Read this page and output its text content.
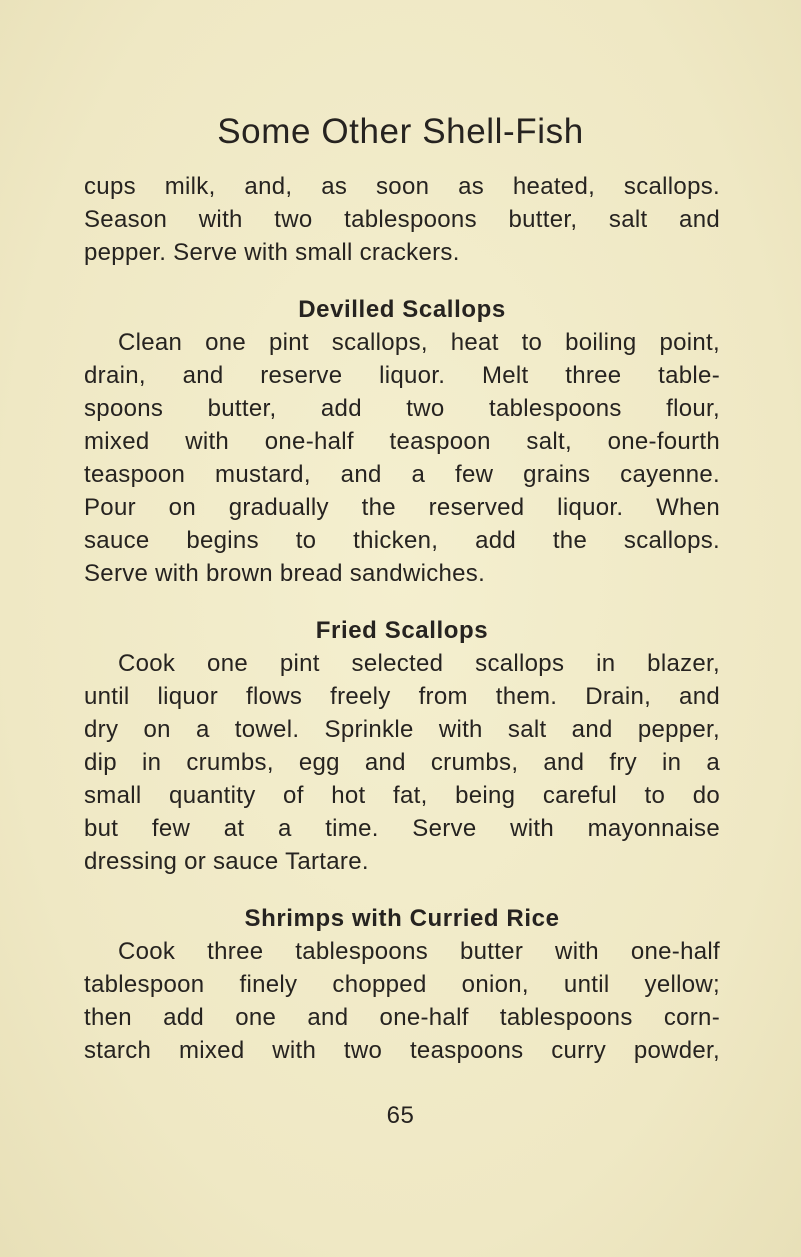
Some Other Shell-Fish
cups milk, and, as soon as heated, scallops.
Season with two tablespoons butter, salt and
pepper. Serve with small crackers.
Devilled Scallops
Clean one pint scallops, heat to boiling point,
drain, and reserve liquor. Melt three table-
spoons butter, add two tablespoons flour,
mixed with one-half teaspoon salt, one-fourth
teaspoon mustard, and a few grains cayenne.
Pour on gradually the reserved liquor. When
sauce begins to thicken, add the scallops.
Serve with brown bread sandwiches.
Fried Scallops
Cook one pint selected scallops in blazer,
until liquor flows freely from them. Drain, and
dry on a towel. Sprinkle with salt and pepper,
dip in crumbs, egg and crumbs, and fry in a
small quantity of hot fat, being careful to do
but few at a time. Serve with mayonnaise
dressing or sauce Tartare.
Shrimps with Curried Rice
Cook three tablespoons butter with one-half
tablespoon finely chopped onion, until yellow;
then add one and one-half tablespoons corn-
starch mixed with two teaspoons curry powder,
65
